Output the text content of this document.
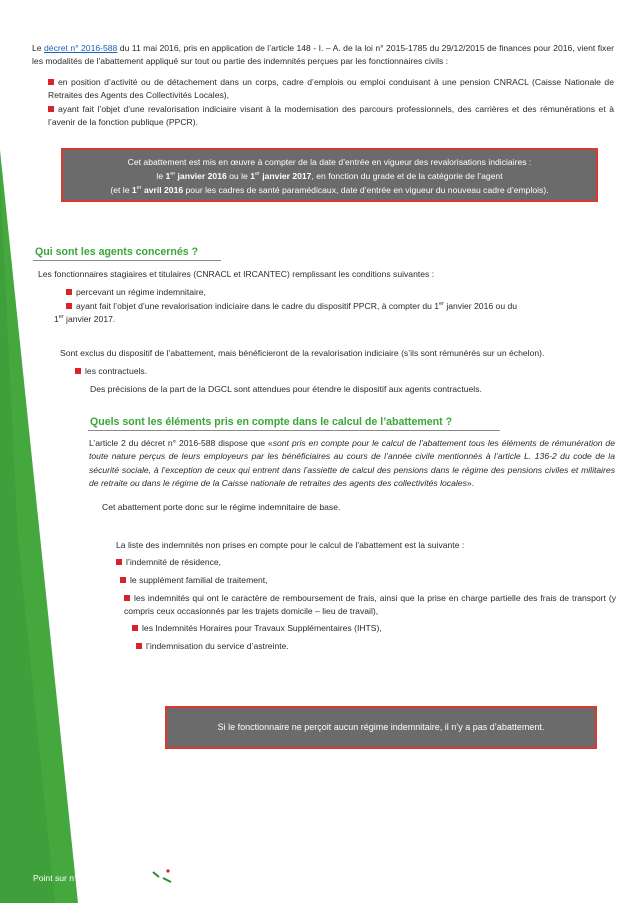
Le décret n° 2016-588 du 11 mai 2016, pris en application de l’article 148 - I. – A. de la loi n° 2015-1785 du 29/12/2015 de finances pour 2016, vient fixer les modalités de l’abattement appliqué sur tout ou partie des indemnités perçues par les fonctionnaires civils :
en position d’activité ou de détachement dans un corps, cadre d’emplois ou emploi conduisant à une pension CNRACL (Caisse Nationale de Retraites des Agents des Collectivités Locales),
ayant fait l’objet d’une revalorisation indiciaire visant à la modernisation des parcours professionnels, des carrières et des rémunérations et à l’avenir de la fonction publique (PPCR).
Cet abattement est mis en œuvre à compter de la date d’entrée en vigueur des revalorisations indiciaires :
le 1er janvier 2016 ou le 1er janvier 2017, en fonction du grade et de la catégorie de l’agent
(et le 1er avril 2016 pour les cadres de santé paramédicaux, date d’entrée en vigueur du nouveau cadre d’emplois).
Qui sont les agents concernés ?
Les fonctionnaires stagiaires et titulaires (CNRACL et IRCANTEC) remplissant les conditions suivantes :
percevant un régime indemnitaire,
ayant fait l’objet d’une revalorisation indiciaire dans le cadre du dispositif PPCR, à compter du 1er janvier 2016 ou du
1er janvier 2017.
Sont exclus du dispositif de l’abattement, mais bénéficieront de la revalorisation indiciaire (s’ils sont rémunérés sur un échelon).
les contractuels.
Des précisions de la part de la DGCL sont attendues pour étendre le dispositif aux agents contractuels.
Quels sont les éléments pris en compte dans le calcul de l’abattement ?
L’article 2 du décret n° 2016-588 dispose que «sont pris en compte pour le calcul de l’abattement tous les éléments de rémunération de toute nature perçus de leurs employeurs par les bénéficiaires au cours de l’année civile mentionnés à l’article L. 136-2 du code de la sécurité sociale, à l’exception de ceux qui entrent dans l’assiette de calcul des pensions dans le régime des pensions civiles et militaires de retraite ou dans le régime de la Caisse nationale de retraites des agents des collectivités locales».
Cet abattement porte donc sur le régime indemnitaire de base.
La liste des indemnités non prises en compte pour le calcul de l’abattement est la suivante :
l’indemnité de résidence,
le supplément familial de traitement,
les indemnités qui ont le caractère de remboursement de frais, ainsi que la prise en charge partielle des frais de transport (y compris ceux occasionnés par les trajets domicile – lieu de travail),
les Indemnités Horaires pour Travaux Supplémentaires (IHTS),
l’indemnisation du service d’astreinte.
Si le fonctionnaire ne perçoit aucun régime indemnitaire, il n’y a pas d’abattement.
Point sur n° 2016/12 / p. 2
